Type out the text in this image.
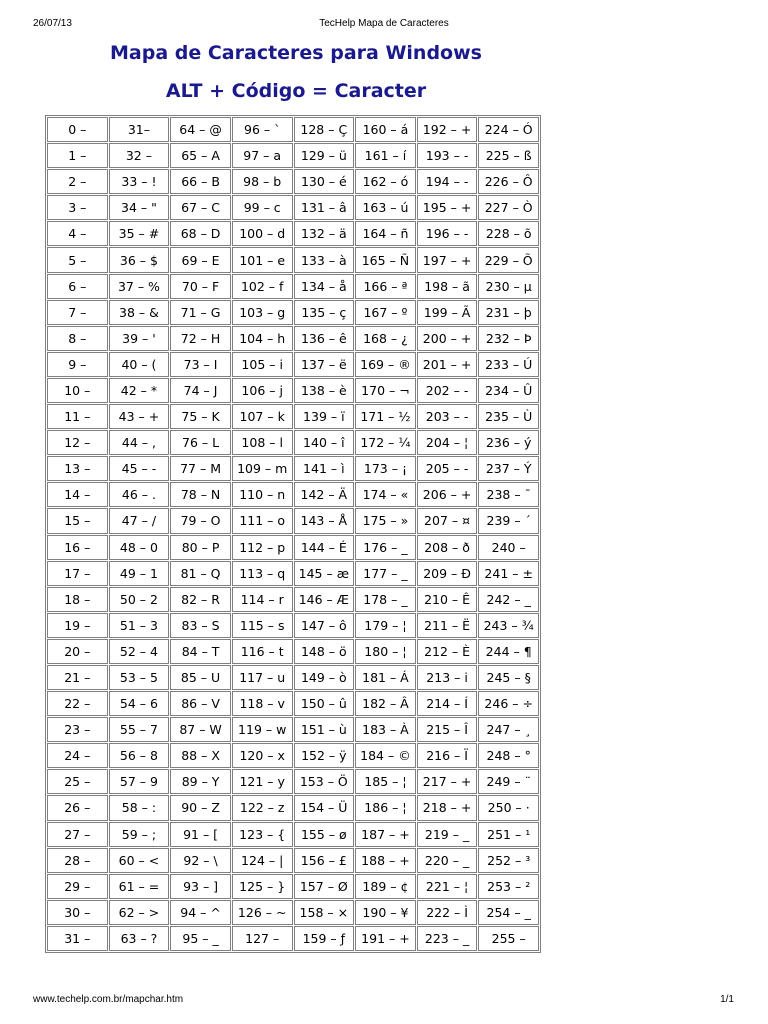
26/07/13	TecHelp Mapa de Caracteres
Mapa de Caracteres para Windows
ALT + Código = Caracter
0 –	31–	64 – @	96 – `	128 – Ç	160 – á	192 – +	224 – Ó
1 –	32 –	65 – A	97 – a	129 – ü	161 – í	193 – -	225 – ß
2 –	33 – !	66 – B	98 – b	130 – é	162 – ó	194 – -	226 – Ô
3 –	34 – "	67 – C	99 – c	131 – â	163 – ú	195 – +	227 – Ò
4 –	35 – #	68 – D	100 – d	132 – ä	164 – ñ	196 – -	228 – õ
5 –	36 – $	69 – E	101 – e	133 – à	165 – Ñ	197 – +	229 – Õ
6 –	37 – %	70 – F	102 – f	134 – å	166 – ª	198 – ã	230 – µ
7 –	38 – &	71 – G	103 – g	135 – ç	167 – º	199 – Ã	231 – þ
8 –	39 – '	72 – H	104 – h	136 – ê	168 – ¿	200 – +	232 – Þ
9 –	40 – (	73 – I	105 – i	137 – ë	169 – ®	201 – +	233 – Ú
10 –	42 – *	74 – J	106 – j	138 – è	170 – ¬	202 – -	234 – Û
11 –	43 – +	75 – K	107 – k	139 – ï	171 – ½	203 – -	235 – Ù
12 –	44 – ,	76 – L	108 – l	140 – î	172 – ¼	204 – ¦	236 – ý
13 –	45 – -	77 – M	109 – m	141 – ì	173 – ¡	205 – -	237 – Ý
14 –	46 – .	78 – N	110 – n	142 – Ä	174 – «	206 – +	238 – ¯
15 –	47 – /	79 – O	111 – o	143 – Å	175 – »	207 – ¤	239 – ´
16 –	48 – 0	80 – P	112 – p	144 – É	176 – _	208 – ð	240 –
17 –	49 – 1	81 – Q	113 – q	145 – æ	177 – _	209 – Ð	241 – ±
18 –	50 – 2	82 – R	114 – r	146 – Æ	178 – _	210 – Ê	242 – _
19 –	51 – 3	83 – S	115 – s	147 – ô	179 – ¦	211 – Ë	243 – ¾
20 –	52 – 4	84 – T	116 – t	148 – ö	180 – ¦	212 – È	244 – ¶
21 –	53 – 5	85 – U	117 – u	149 – ò	181 – Á	213 – i	245 – §
22 –	54 – 6	86 – V	118 – v	150 – û	182 – Â	214 – Í	246 – ÷
23 –	55 – 7	87 – W	119 – w	151 – ù	183 – À	215 – Î	247 – ¸
24 –	56 – 8	88 – X	120 – x	152 – ÿ	184 – ©	216 – Ï	248 – °
25 –	57 – 9	89 – Y	121 – y	153 – Ö	185 – ¦	217 – +	249 – ¨
26 –	58 – :	90 – Z	122 – z	154 – Ü	186 – ¦	218 – +	250 – ·
27 –	59 – ;	91 – [	123 – {	155 – ø	187 – +	219 – _	251 – ¹
28 –	60 – <	92 – \	124 – |	156 – £	188 – +	220 – _	252 – ³
29 –	61 – =	93 – ]	125 – }	157 – Ø	189 – ¢	221 – ¦	253 – ²
30 –	62 – >	94 – ^	126 – ~	158 – ×	190 – ¥	222 – Ì	254 – _
31 –	63 – ?	95 – _	127 –	159 – ƒ	191 – +	223 – _	255 –
www.techelp.com.br/mapchar.htm	1/1
